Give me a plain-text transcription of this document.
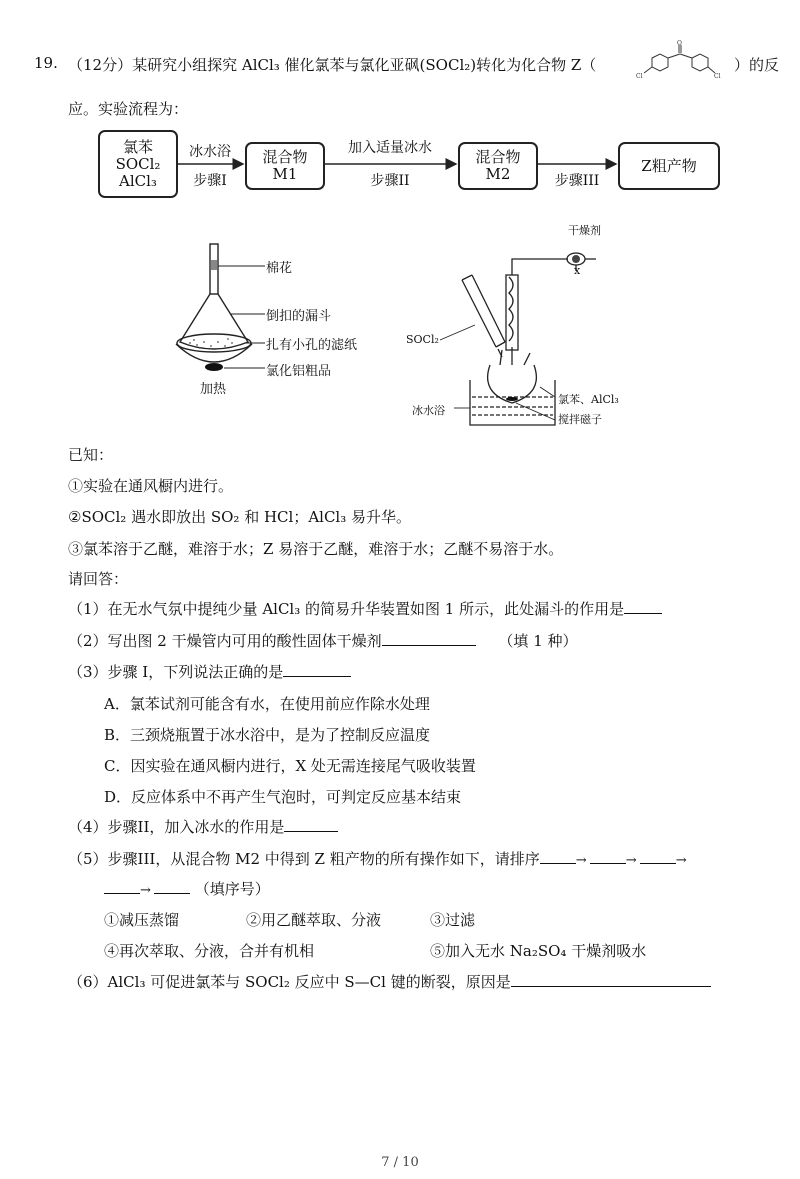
19. （12分）某研究小组探究 AlCl₃ 催化氯苯与氯化亚砜(SOCl₂)转化为化合物 Z（
O
Cl	Cl
）的反
应。实验流程为：
氯苯
SOCl₂
AlCl₃
混合物
M1
混合物
M2	Z粗产物
冰水浴
步骤I
加入适量冰水
步骤II	步骤III
棉花
倒扣的漏斗
扎有小孔的滤纸
氯化铝粗品
加热
干燥剂
x
SOCl₂
氯苯、AlCl₃
冰水浴
搅拌磁子
已知：
①实验在通风橱内进行。
②SOCl₂ 遇水即放出 SO₂ 和 HCl；AlCl₃ 易升华。
③氯苯溶于乙醚，难溶于水；Z 易溶于乙醚，难溶于水；乙醚不易溶于水。
请回答：
（1）在无水气氛中提纯少量 AlCl₃ 的简易升华装置如图 1 所示，此处漏斗的作用是
（2）写出图 2 干燥管内可用的酸性固体干燥剂	（填 1 种）
（3）步骤 I，下列说法正确的是
A．氯苯试剂可能含有水，在使用前应作除水处理
B．三颈烧瓶置于冰水浴中，是为了控制反应温度
C．因实验在通风橱内进行，X 处无需连接尾气吸收装置
D．反应体系中不再产生气泡时，可判定反应基本结束
（4）步骤II，加入冰水的作用是
（5）步骤III，从混合物 M2 中得到 Z 粗产物的所有操作如下，请排序	→	→	→
→	（填序号）
①减压蒸馏	②用乙醚萃取、分液	③过滤
④再次萃取、分液，合并有机相	⑤加入无水 Na₂SO₄ 干燥剂吸水
（6）AlCl₃ 可促进氯苯与 SOCl₂ 反应中 S—Cl 键的断裂，原因是
7 / 10
